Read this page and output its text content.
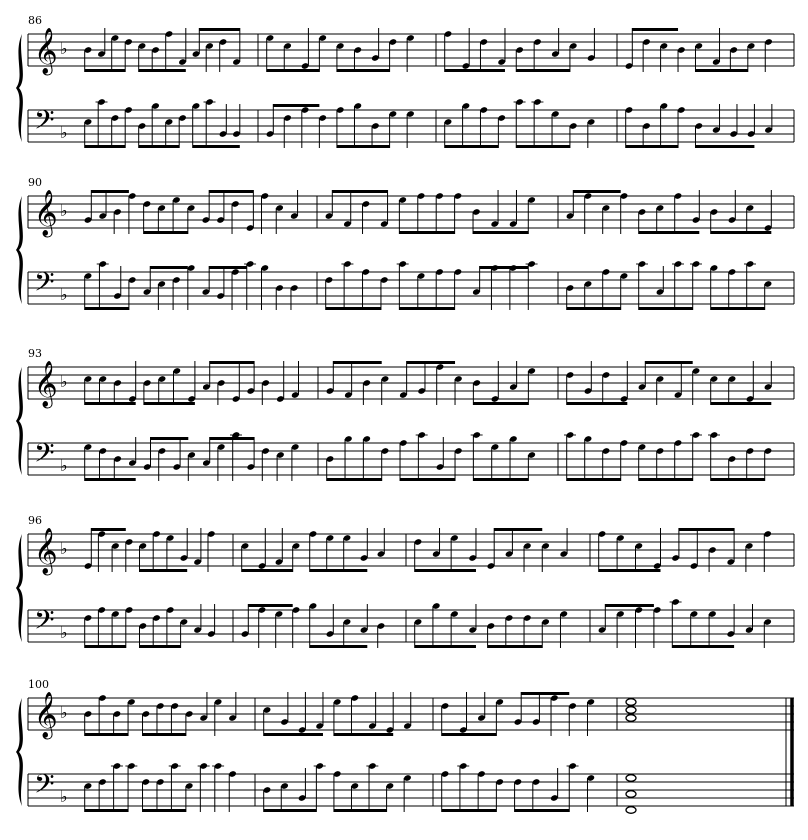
86
𝄞
𝄢
♭
♭
90
𝄞
𝄢
♭
♭
93
𝄞
𝄢
♭
♭
96
𝄞
𝄢
♭
♭
100
𝄞
𝄢
♭
♭
